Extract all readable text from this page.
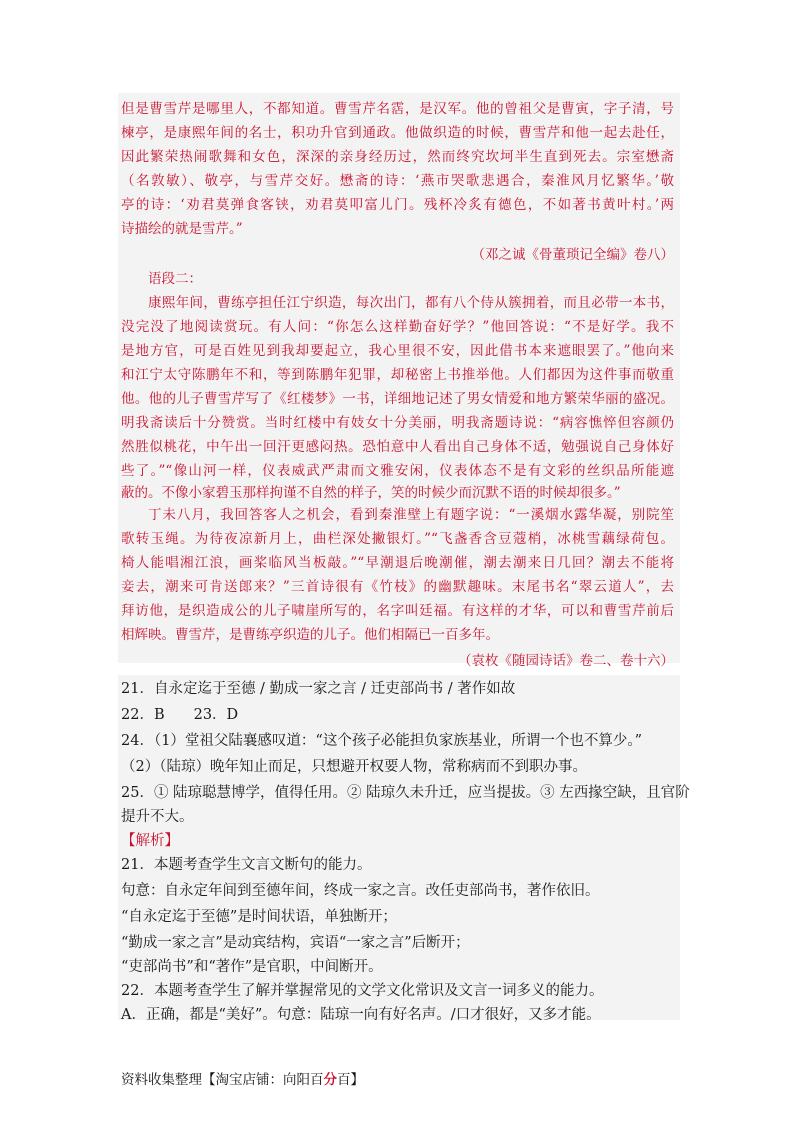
但是曹雪芹是哪里人，不都知道。曹雪芹名霑，是汉军。他的曾祖父是曹寅，字子清，号
楝亭，是康熙年间的名士，积功升官到通政。他做织造的时候，曹雪芹和他一起去赴任，
因此繁荣热闹歌舞和女色，深深的亲身经历过，然而终究坎坷半生直到死去。宗室懋斋
（名敦敏）、敬亭，与雪芹交好。懋斋的诗：‘燕市哭歌悲遇合，秦淮风月忆繁华。’敬
亭的诗：‘劝君莫弹食客铗，劝君莫叩富儿门。残杯冷炙有德色，不如著书黄叶村。’两
诗描绘的就是雪芹。”
（邓之诚《骨董琐记全编》卷八）
语段二：
康熙年间，曹练亭担任江宁织造，每次出门，都有八个侍从簇拥着，而且必带一本书，
没完没了地阅读赏玩。有人问：“你怎么这样勤奋好学？”他回答说：“不是好学。我不
是地方官，可是百姓见到我却要起立，我心里很不安，因此借书本来遮眼罢了。”他向来
和江宁太守陈鹏年不和，等到陈鹏年犯罪，却秘密上书推举他。人们都因为这件事而敬重
他。他的儿子曹雪芹写了《红楼梦》一书，详细地记述了男女情爱和地方繁荣华丽的盛况。
明我斋读后十分赞赏。当时红楼中有妓女十分美丽，明我斋题诗说：“病容憔悴但容颜仍
然胜似桃花，中午出一回汗更感闷热。恐怕意中人看出自己身体不适，勉强说自己身体好
些了。”“像山河一样，仪表威武严肃而文雅安闲，仪表体态不是有文彩的丝织品所能遮
蔽的。不像小家碧玉那样拘谨不自然的样子，笑的时候少而沉默不语的时候却很多。”
丁未八月，我回答客人之机会，看到秦淮壁上有题字说：“一溪烟水露华凝，别院笙
歌转玉绳。为待夜凉新月上，曲栏深处撇银灯。”“飞盏香含豆蔻梢，冰桃雪藕绿荷包。
椅人能唱湘江浪，画桨临风当板敲。”“早潮退后晚潮催，潮去潮来日几回？潮去不能将
妾去，潮来可肯送郎来？”三首诗很有《竹枝》的幽默趣味。末尾书名“翠云道人”，去
拜访他，是织造成公的儿子啸崖所写的，名字叫廷福。有这样的才华，可以和曹雪芹前后
相辉映。曹雪芹，是曹练亭织造的儿子。他们相隔已一百多年。
（袁枚《随园诗话》卷二、卷十六）
21．自永定迄于至德 / 勤成一家之言 / 迁吏部尚书 / 著作如故
22．B　　23．D
24．（1）堂祖父陆襄感叹道：“这个孩子必能担负家族基业，所谓一个也不算少。”
（2）（陆琼）晚年知止而足，只想避开权要人物，常称病而不到职办事。
25．① 陆琼聪慧博学，值得任用。② 陆琼久未升迁，应当提拔。③ 左西掾空缺，且官阶
提升不大。
【解析】
21．本题考查学生文言文断句的能力。
句意：自永定年间到至德年间，终成一家之言。改任吏部尚书，著作依旧。
“自永定迄于至德”是时间状语，单独断开；
“勤成一家之言”是动宾结构，宾语“一家之言”后断开；
“吏部尚书”和“著作”是官职，中间断开。
22．本题考查学生了解并掌握常见的文学文化常识及文言一词多义的能力。
A．正确，都是“美好”。句意：陆琼一向有好名声。/口才很好，又多才能。
资料收集整理【淘宝店铺：向阳百分百】
